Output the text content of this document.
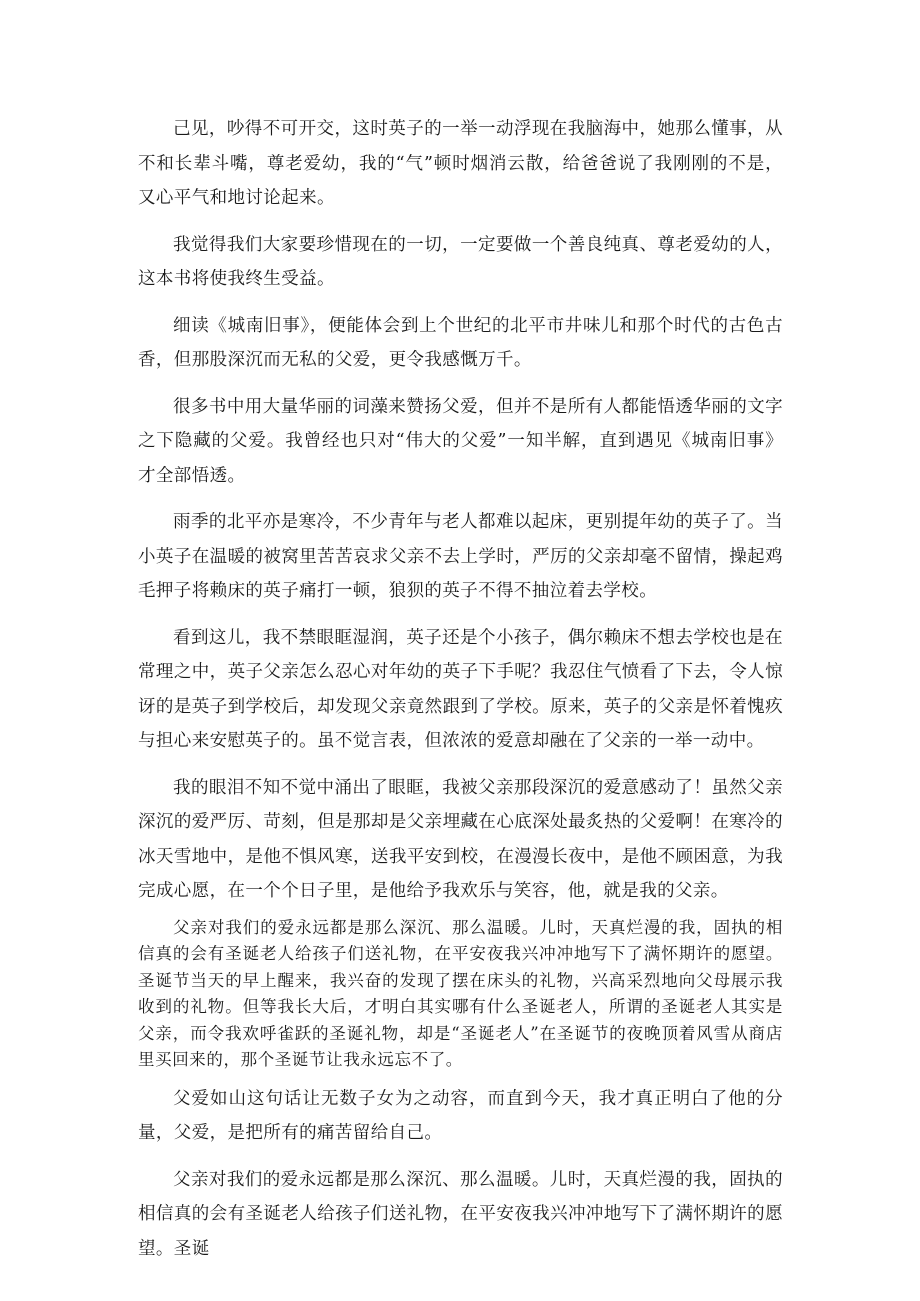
己见，吵得不可开交，这时英子的一举一动浮现在我脑海中，她那么懂事，从不和长辈斗嘴，尊老爱幼，我的“气”顿时烟消云散，给爸爸说了我刚刚的不是，又心平气和地讨论起来。

我觉得我们大家要珍惜现在的一切，一定要做一个善良纯真、尊老爱幼的人，这本书将使我终生受益。

细读《城南旧事》，便能体会到上个世纪的北平市井味儿和那个时代的古色古香，但那股深沉而无私的父爱，更令我感慨万千。

很多书中用大量华丽的词藻来赞扬父爱，但并不是所有人都能悟透华丽的文字之下隐藏的父爱。我曾经也只对“伟大的父爱”一知半解，直到遇见《城南旧事》才全部悟透。

雨季的北平亦是寒冷，不少青年与老人都难以起床，更别提年幼的英子了。当小英子在温暖的被窝里苦苦哀求父亲不去上学时，严厉的父亲却毫不留情，操起鸡毛押子将赖床的英子痛打一顿，狼狈的英子不得不抽泣着去学校。

看到这儿，我不禁眼眶湿润，英子还是个小孩子，偶尔赖床不想去学校也是在常理之中，英子父亲怎么忍心对年幼的英子下手呢？我忍住气愤看了下去，令人惊讶的是英子到学校后，却发现父亲竟然跟到了学校。原来，英子的父亲是怀着愧疚与担心来安慰英子的。虽不觉言表，但浓浓的爱意却融在了父亲的一举一动中。

我的眼泪不知不觉中涌出了眼眶，我被父亲那段深沉的爱意感动了！虽然父亲深沉的爱严厉、苛刻，但是那却是父亲埋藏在心底深处最炙热的父爱啊！在寒冷的冰天雪地中，是他不惧风寒，送我平安到校，在漫漫长夜中，是他不顾困意，为我完成心愿，在一个个日子里，是他给予我欢乐与笑容，他，就是我的父亲。

父亲对我们的爱永远都是那么深沉、那么温暖。儿时，天真烂漫的我，固执的相信真的会有圣诞老人给孩子们送礼物，在平安夜我兴冲冲地写下了满怀期许的愿望。圣诞节当天的早上醒来，我兴奋的发现了摆在床头的礼物，兴高采烈地向父母展示我收到的礼物。但等我长大后，才明白其实哪有什么圣诞老人，所谓的圣诞老人其实是父亲，而令我欢呼雀跃的圣诞礼物，却是“圣诞老人”在圣诞节的夜晚顶着风雪从商店里买回来的，那个圣诞节让我永远忘不了。

父爱如山这句话让无数子女为之动容，而直到今天，我才真正明白了他的分量，父爱，是把所有的痛苦留给自己。

父亲对我们的爱永远都是那么深沉、那么温暖。儿时，天真烂漫的我，固执的相信真的会有圣诞老人给孩子们送礼物，在平安夜我兴冲冲地写下了满怀期许的愿望。圣诞
